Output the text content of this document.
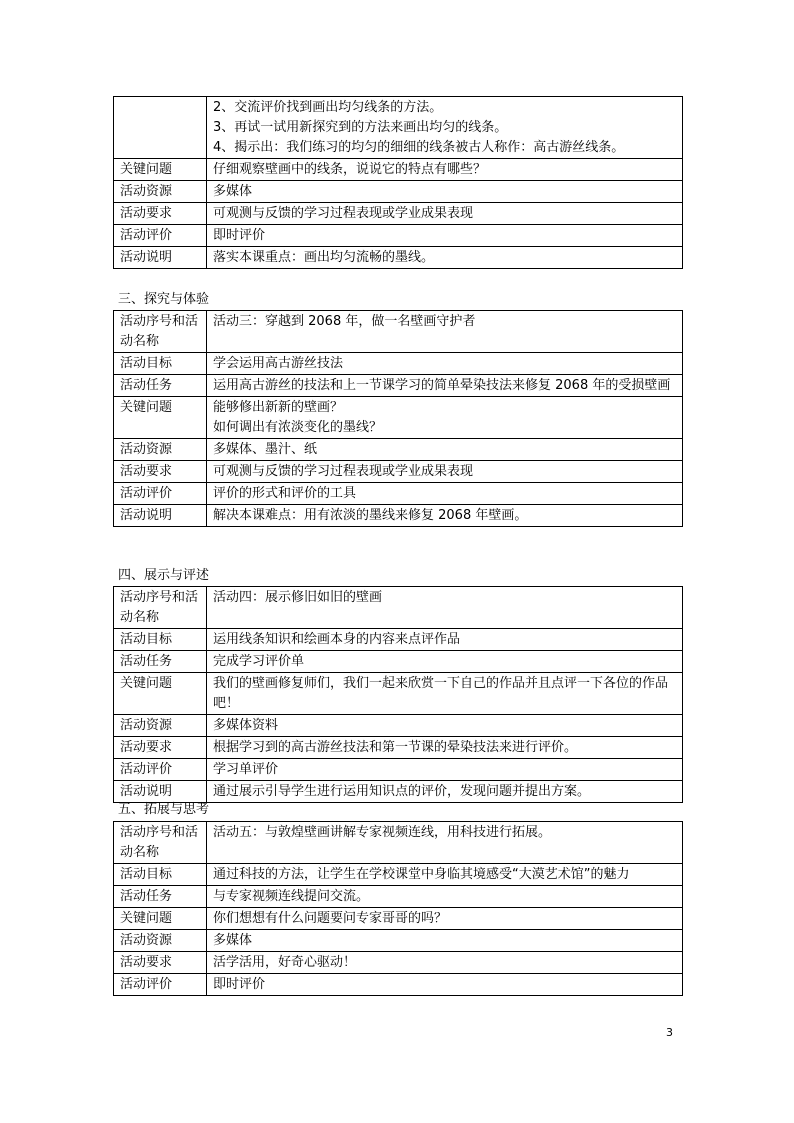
	2、交流评价找到画出均匀线条的方法。
3、再试一试用新探究到的方法来画出均匀的线条。
4、揭示出：我们练习的均匀的细细的线条被古人称作：高古游丝线条。

关键问题	仔细观察壁画中的线条，说说它的特点有哪些？

活动资源	多媒体

活动要求	可观测与反馈的学习过程表现或学业成果表现

活动评价	即时评价

活动说明	落实本课重点：画出均匀流畅的墨线。
三、探究与体验
活动序号和活动名称	活动三：穿越到 2068 年，做一名壁画守护者

活动目标	学会运用高古游丝技法

活动任务	运用高古游丝的技法和上一节课学习的简单晕染技法来修复 2068 年的受损壁画

关键问题	能够修出新新的壁画？
如何调出有浓淡变化的墨线？

活动资源	多媒体、墨汁、纸

活动要求	可观测与反馈的学习过程表现或学业成果表现

活动评价	评价的形式和评价的工具

活动说明	解决本课难点：用有浓淡的墨线来修复 2068 年壁画。
四、展示与评述
活动序号和活动名称	活动四：展示修旧如旧的壁画

活动目标	运用线条知识和绘画本身的内容来点评作品

活动任务	完成学习评价单

关键问题	我们的壁画修复师们，我们一起来欣赏一下自己的作品并且点评一下各位的作品吧！

活动资源	多媒体资料

活动要求	根据学习到的高古游丝技法和第一节课的晕染技法来进行评价。

活动评价	学习单评价

活动说明	通过展示引导学生进行运用知识点的评价，发现问题并提出方案。
五、拓展与思考
活动序号和活动名称	活动五：与敦煌壁画讲解专家视频连线，用科技进行拓展。

活动目标	通过科技的方法，让学生在学校课堂中身临其境感受“大漠艺术馆”的魅力

活动任务	与专家视频连线提问交流。

关键问题	你们想想有什么问题要问专家哥哥的吗？

活动资源	多媒体

活动要求	活学活用，好奇心驱动！

活动评价	即时评价
3
